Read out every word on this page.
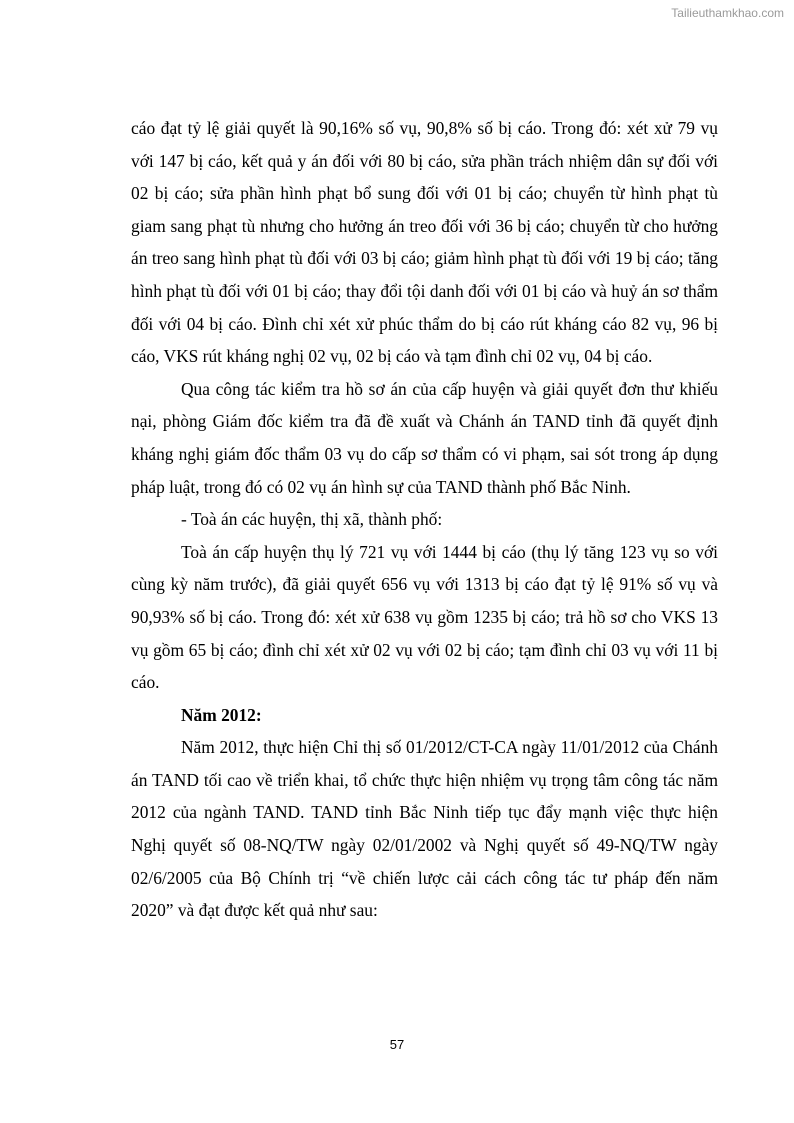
Tailieuthamkhao.com

cáo đạt tỷ lệ giải quyết là 90,16% số vụ, 90,8% số bị cáo. Trong đó: xét xử 79 vụ với 147 bị cáo, kết quả y án đối với 80 bị cáo, sửa phần trách nhiệm dân sự đối với 02 bị cáo; sửa phần hình phạt bổ sung đối với 01 bị cáo; chuyển từ hình phạt tù giam sang phạt tù nhưng cho hưởng án treo đối với 36 bị cáo; chuyển từ cho hưởng án treo sang hình phạt tù đối với 03 bị cáo; giảm hình phạt tù đối với 19 bị cáo; tăng hình phạt tù đối với 01 bị cáo; thay đổi tội danh đối với 01 bị cáo và huỷ án sơ thẩm đối với 04 bị cáo. Đình chỉ xét xử phúc thẩm do bị cáo rút kháng cáo 82 vụ, 96 bị cáo, VKS rút kháng nghị 02 vụ, 02 bị cáo và tạm đình chỉ 02 vụ, 04 bị cáo.

Qua công tác kiểm tra hồ sơ án của cấp huyện và giải quyết đơn thư khiếu nại, phòng Giám đốc kiểm tra đã đề xuất và Chánh án TAND tỉnh đã quyết định kháng nghị giám đốc thẩm 03 vụ do cấp sơ thẩm có vi phạm, sai sót trong áp dụng pháp luật, trong đó có 02 vụ án hình sự của TAND thành phố Bắc Ninh.

- Toà án các huyện, thị xã, thành phố:

Toà án cấp huyện thụ lý 721 vụ với 1444 bị cáo (thụ lý tăng 123 vụ so với cùng kỳ năm trước), đã giải quyết 656 vụ với 1313 bị cáo đạt tỷ lệ 91% số vụ và 90,93% số bị cáo. Trong đó: xét xử 638 vụ gồm 1235 bị cáo; trả hồ sơ cho VKS 13 vụ gồm 65 bị cáo; đình chỉ xét xử 02 vụ với 02 bị cáo; tạm đình chỉ 03 vụ với 11 bị cáo.

Năm 2012:

Năm 2012, thực hiện Chỉ thị số 01/2012/CT-CA ngày 11/01/2012 của Chánh án TAND tối cao về triển khai, tổ chức thực hiện nhiệm vụ trọng tâm công tác năm 2012 của ngành TAND. TAND tỉnh Bắc Ninh tiếp tục đẩy mạnh việc thực hiện Nghị quyết số 08-NQ/TW ngày 02/01/2002 và Nghị quyết số 49-NQ/TW ngày 02/6/2005 của Bộ Chính trị “về chiến lược cải cách công tác tư pháp đến năm 2020” và đạt được kết quả như sau:

57
